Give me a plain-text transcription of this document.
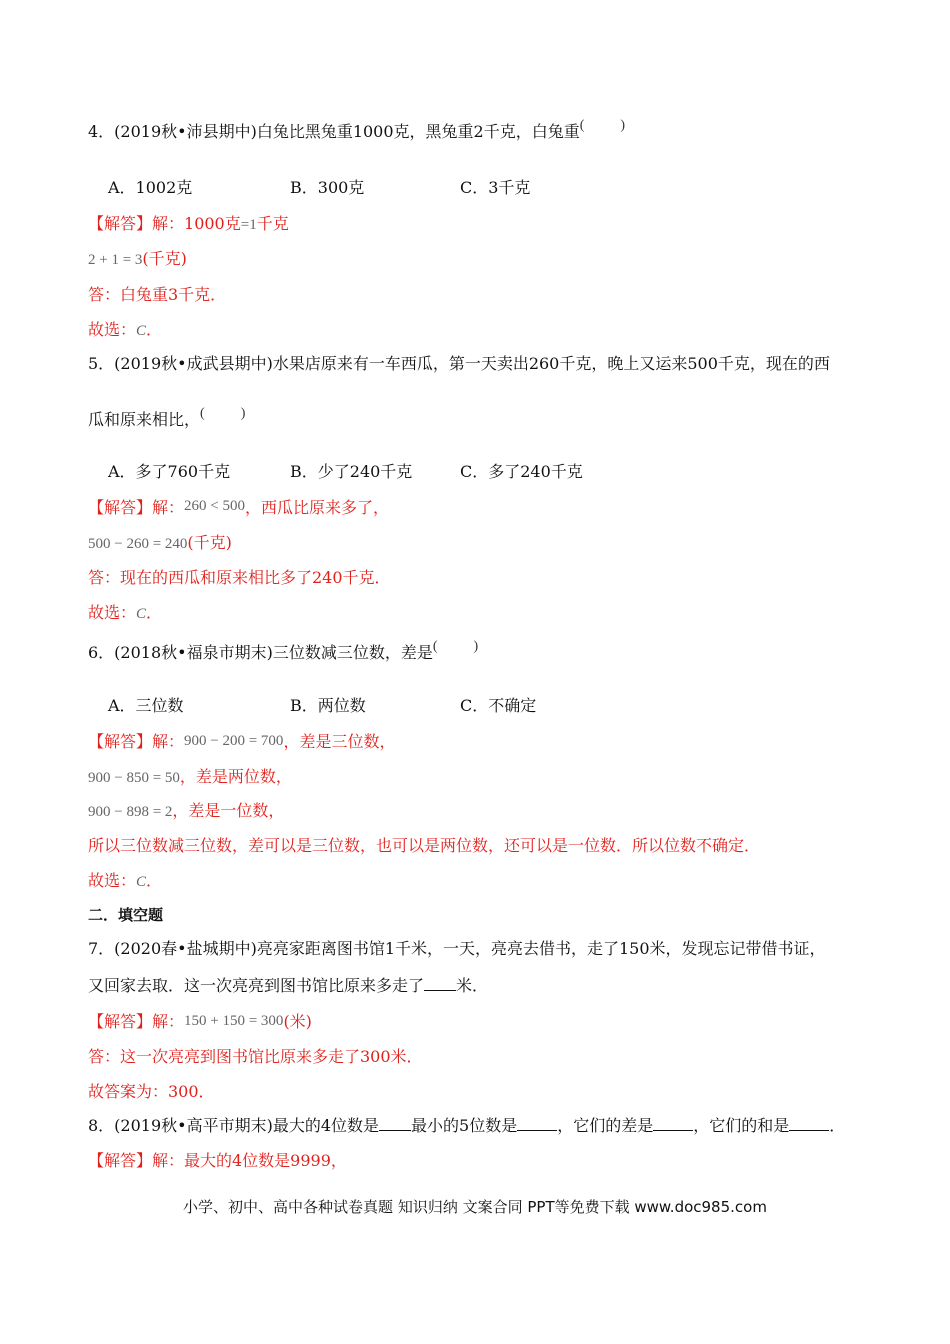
4．(2019秋•沛县期中)白兔比黑兔重1000克，黑兔重2千克，白兔重(	)
A．1002克	B．300克	C．3千克
【解答】解：1000克=1千克
2 + 1 = 3(千克)
答：白兔重3千克．
故选：C．
5．(2019秋•成武县期中)水果店原来有一车西瓜，第一天卖出260千克，晚上又运来500千克，现在的西
瓜和原来相比，(	)
A．多了760千克	B．少了240千克	C．多了240千克
【解答】解：260 < 500，西瓜比原来多了，
500 − 260 = 240(千克)
答：现在的西瓜和原来相比多了240千克．
故选：C．
6．(2018秋•福泉市期末)三位数减三位数，差是(	)
A．三位数	B．两位数	C．不确定
【解答】解：900 − 200 = 700，差是三位数，
900 − 850 = 50，差是两位数，
900 − 898 = 2，差是一位数，
所以三位数减三位数，差可以是三位数，也可以是两位数，还可以是一位数．所以位数不确定．
故选：C．
二．填空题
7．(2020春•盐城期中)亮亮家距离图书馆1千米，一天，亮亮去借书，走了150米，发现忘记带借书证，
又回家去取．这一次亮亮到图书馆比原来多走了 米．
【解答】解：150 + 150 = 300(米)
答：这一次亮亮到图书馆比原来多走了300米．
故答案为：300．
8．(2019秋•高平市期末)最大的4位数是 最小的5位数是	，它们的差是	，它们的和是	．
【解答】解：最大的4位数是9999，
小学、初中、高中各种试卷真题 知识归纳 文案合同 PPT等免费下载 www.doc985.com
